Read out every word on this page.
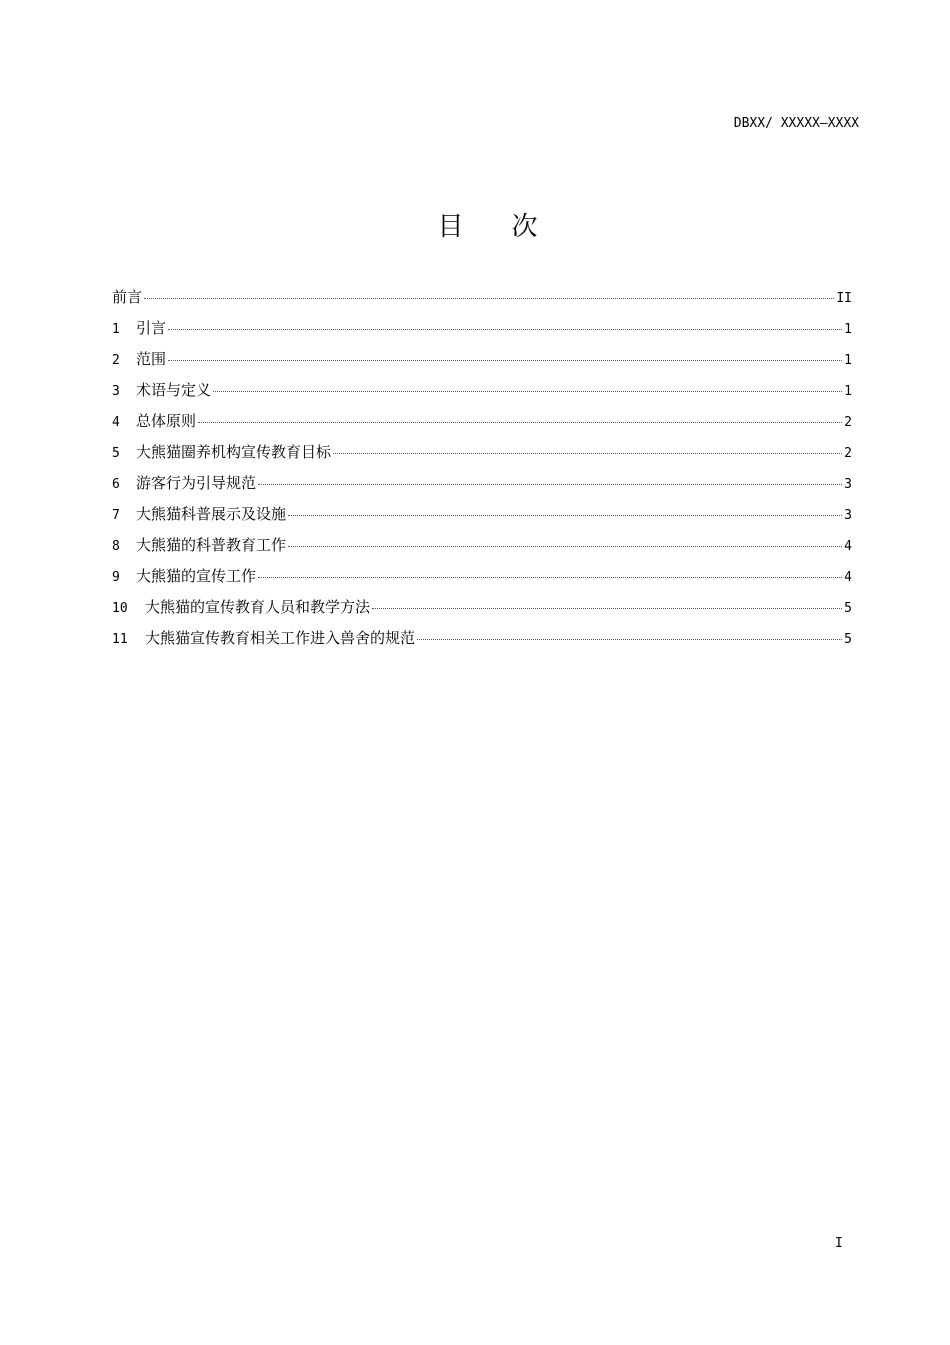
DBXX/ XXXXX—XXXX
目 次
前言	II
1	引言	1
2	范围	1
3	术语与定义	1
4	总体原则	2
5	大熊猫圈养机构宣传教育目标	2
6	游客行为引导规范	3
7	大熊猫科普展示及设施	3
8	大熊猫的科普教育工作	4
9	大熊猫的宣传工作	4
10	大熊猫的宣传教育人员和教学方法	5
11	大熊猫宣传教育相关工作进入兽舍的规范	5
I
